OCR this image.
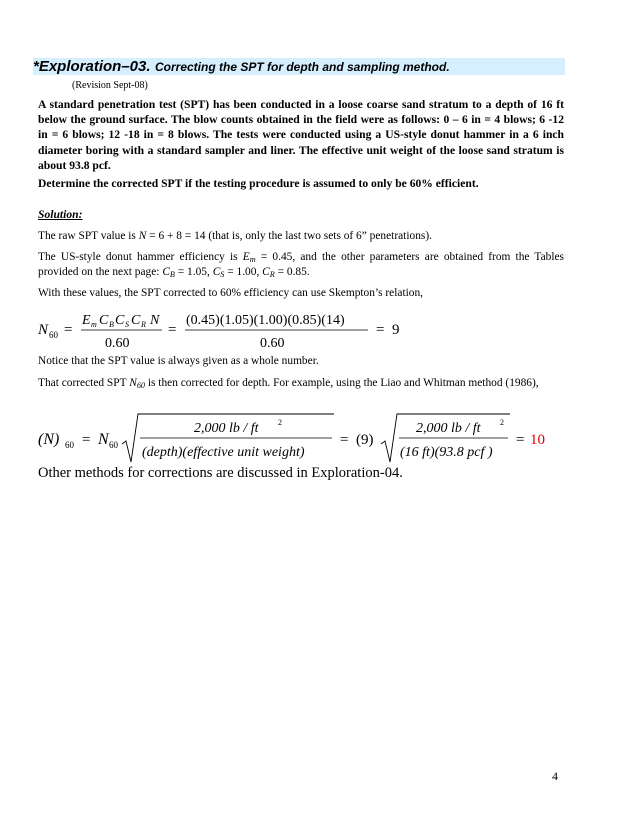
*Exploration–03. Correcting the SPT for depth and sampling method.
(Revision Sept-08)

A standard penetration test (SPT) has been conducted in a loose coarse sand stratum to a depth of 16 ft below the ground surface. The blow counts obtained in the field were as follows: 0 – 6 in = 4 blows; 6 -12 in = 6 blows; 12 -18 in = 8 blows. The tests were conducted using a US-style donut hammer in a 6 inch diameter boring with a standard sampler and liner. The effective unit weight of the loose sand stratum is about 93.8 pcf.

Determine the corrected SPT if the testing procedure is assumed to only be 60% efficient.

Solution:

The raw SPT value is N = 6 + 8 = 14 (that is, only the last two sets of 6” penetrations).

The US-style donut hammer efficiency is $E_m = 0.45$, and the other parameters are obtained from the Tables provided on the next page: $C_B = 1.05$, $C_S = 1.00$, $C_R = 0.85$.

With these values, the SPT corrected to 60% efficiency can use Skempton’s relation,

N 60 =
E m C B C S C R N
0.60
=
(0.45)(1.05)(1.00)(0.85)(14)
0.60
= 9

Notice that the SPT value is always given as a whole number.

That corrected SPT $N_{60}$ is then corrected for depth. For example, using the Liao and Whitman method (1986),

(N) 60 = N 60
2,000 lb / ft 2
(depth)(effective unit weight)
= (9)
2,000 lb / ft 2
(16 ft)(93.8 pcf )
= 10

Other methods for corrections are discussed in Exploration-04.

4
